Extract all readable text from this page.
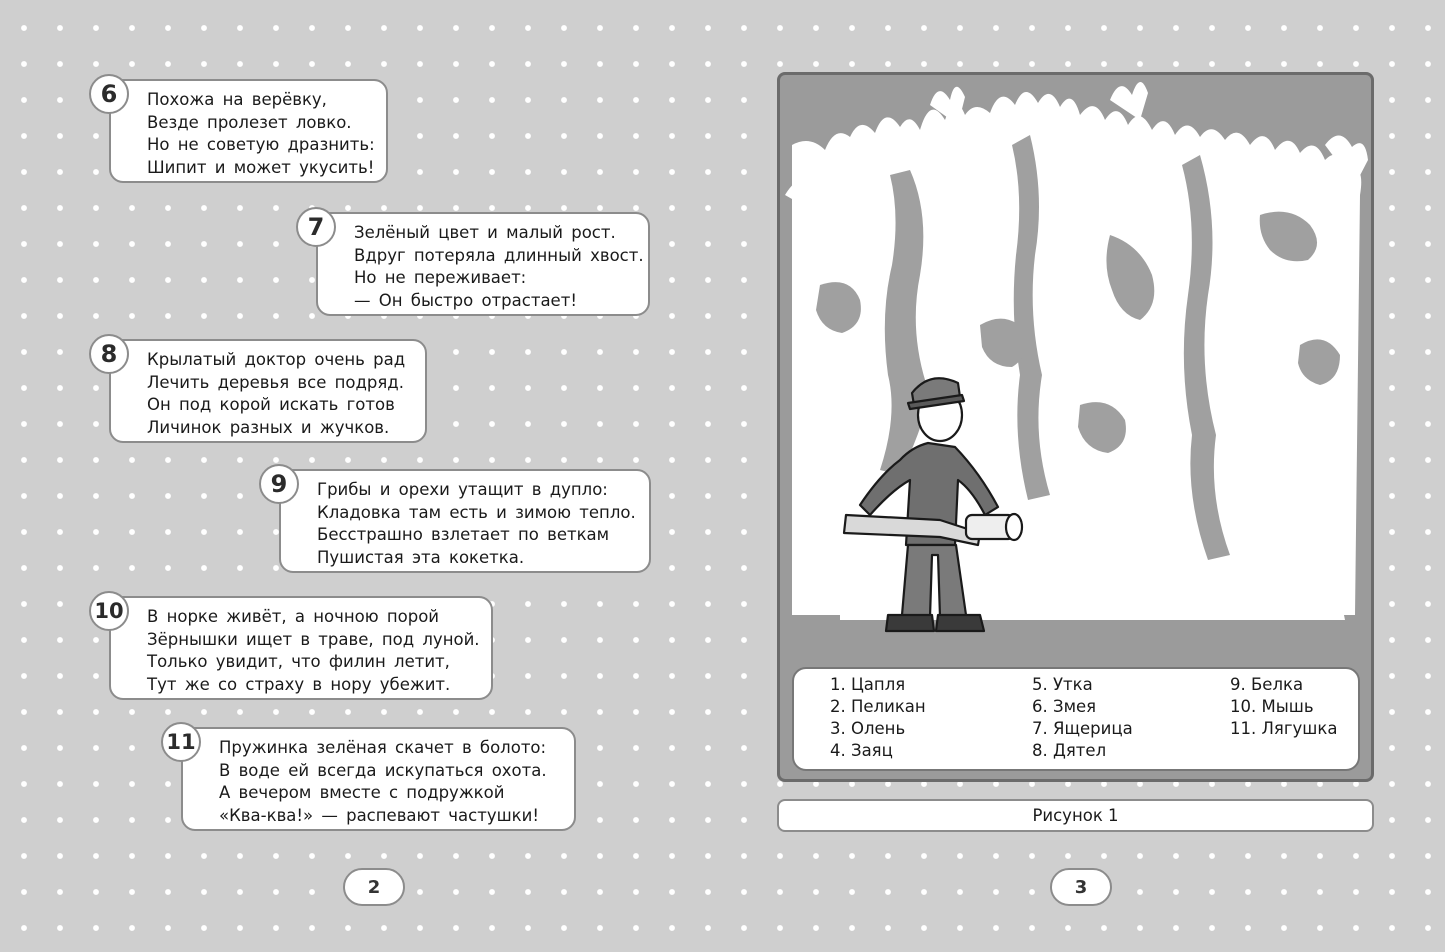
Похожа на верёвку,
Везде пролезет ловко.
Но не советую дразнить:
Шипит и может укусить!
6
Зелёный цвет и малый рост.
Вдруг потеряла длинный хвост.
Но не переживает:
— Он быстро отрастает!
7
Крылатый доктор очень рад
Лечить деревья все подряд.
Он под корой искать готов
Личинок разных и жучков.
8
Грибы и орехи утащит в дупло:
Кладовка там есть и зимою тепло.
Бесстрашно взлетает по веткам
Пушистая эта кокетка.
9
В норке живёт, а ночною порой
Зёрнышки ищет в траве, под луной.
Только увидит, что филин летит,
Тут же со страху в нору убежит.
10
Пружинка зелёная скачет в болото:
В воде ей всегда искупаться охота.
А вечером вместе с подружкой
«Ква-ква!» — распевают частушки!
11
1. Цапля
2. Пеликан
3. Олень
4. Заяц
5. Утка
6. Змея
7. Ящерица
8. Дятел
9. Белка
10. Мышь
11. Лягушка
Рисунок 1
2	3
